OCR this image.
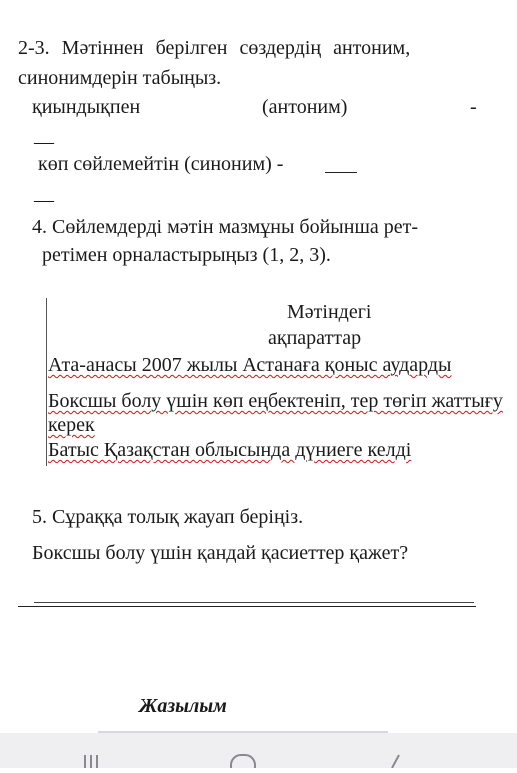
2-3. Мәтіннен берілген сөздердің антоним,
синонимдерін табыңыз.
қиындықпен	(антоним)	-
—
көп сөйлемейтін (синоним) -
—
4. Сөйлемдерді мәтін мазмұны бойынша рет-
ретімен орналастырыңыз (1, 2, 3).
Мәтіндегі
ақпараттар
Ата-анасы 2007 жылы Астанаға қоныс аударды
Боксшы болу үшін көп еңбектеніп, тер төгіп жаттығу
керек
Батыс Қазақстан облысында дүниеге келді
5. Сұраққа толық жауап беріңіз.
Боксшы болу үшін қандай қасиеттер қажет?
Жазылым
